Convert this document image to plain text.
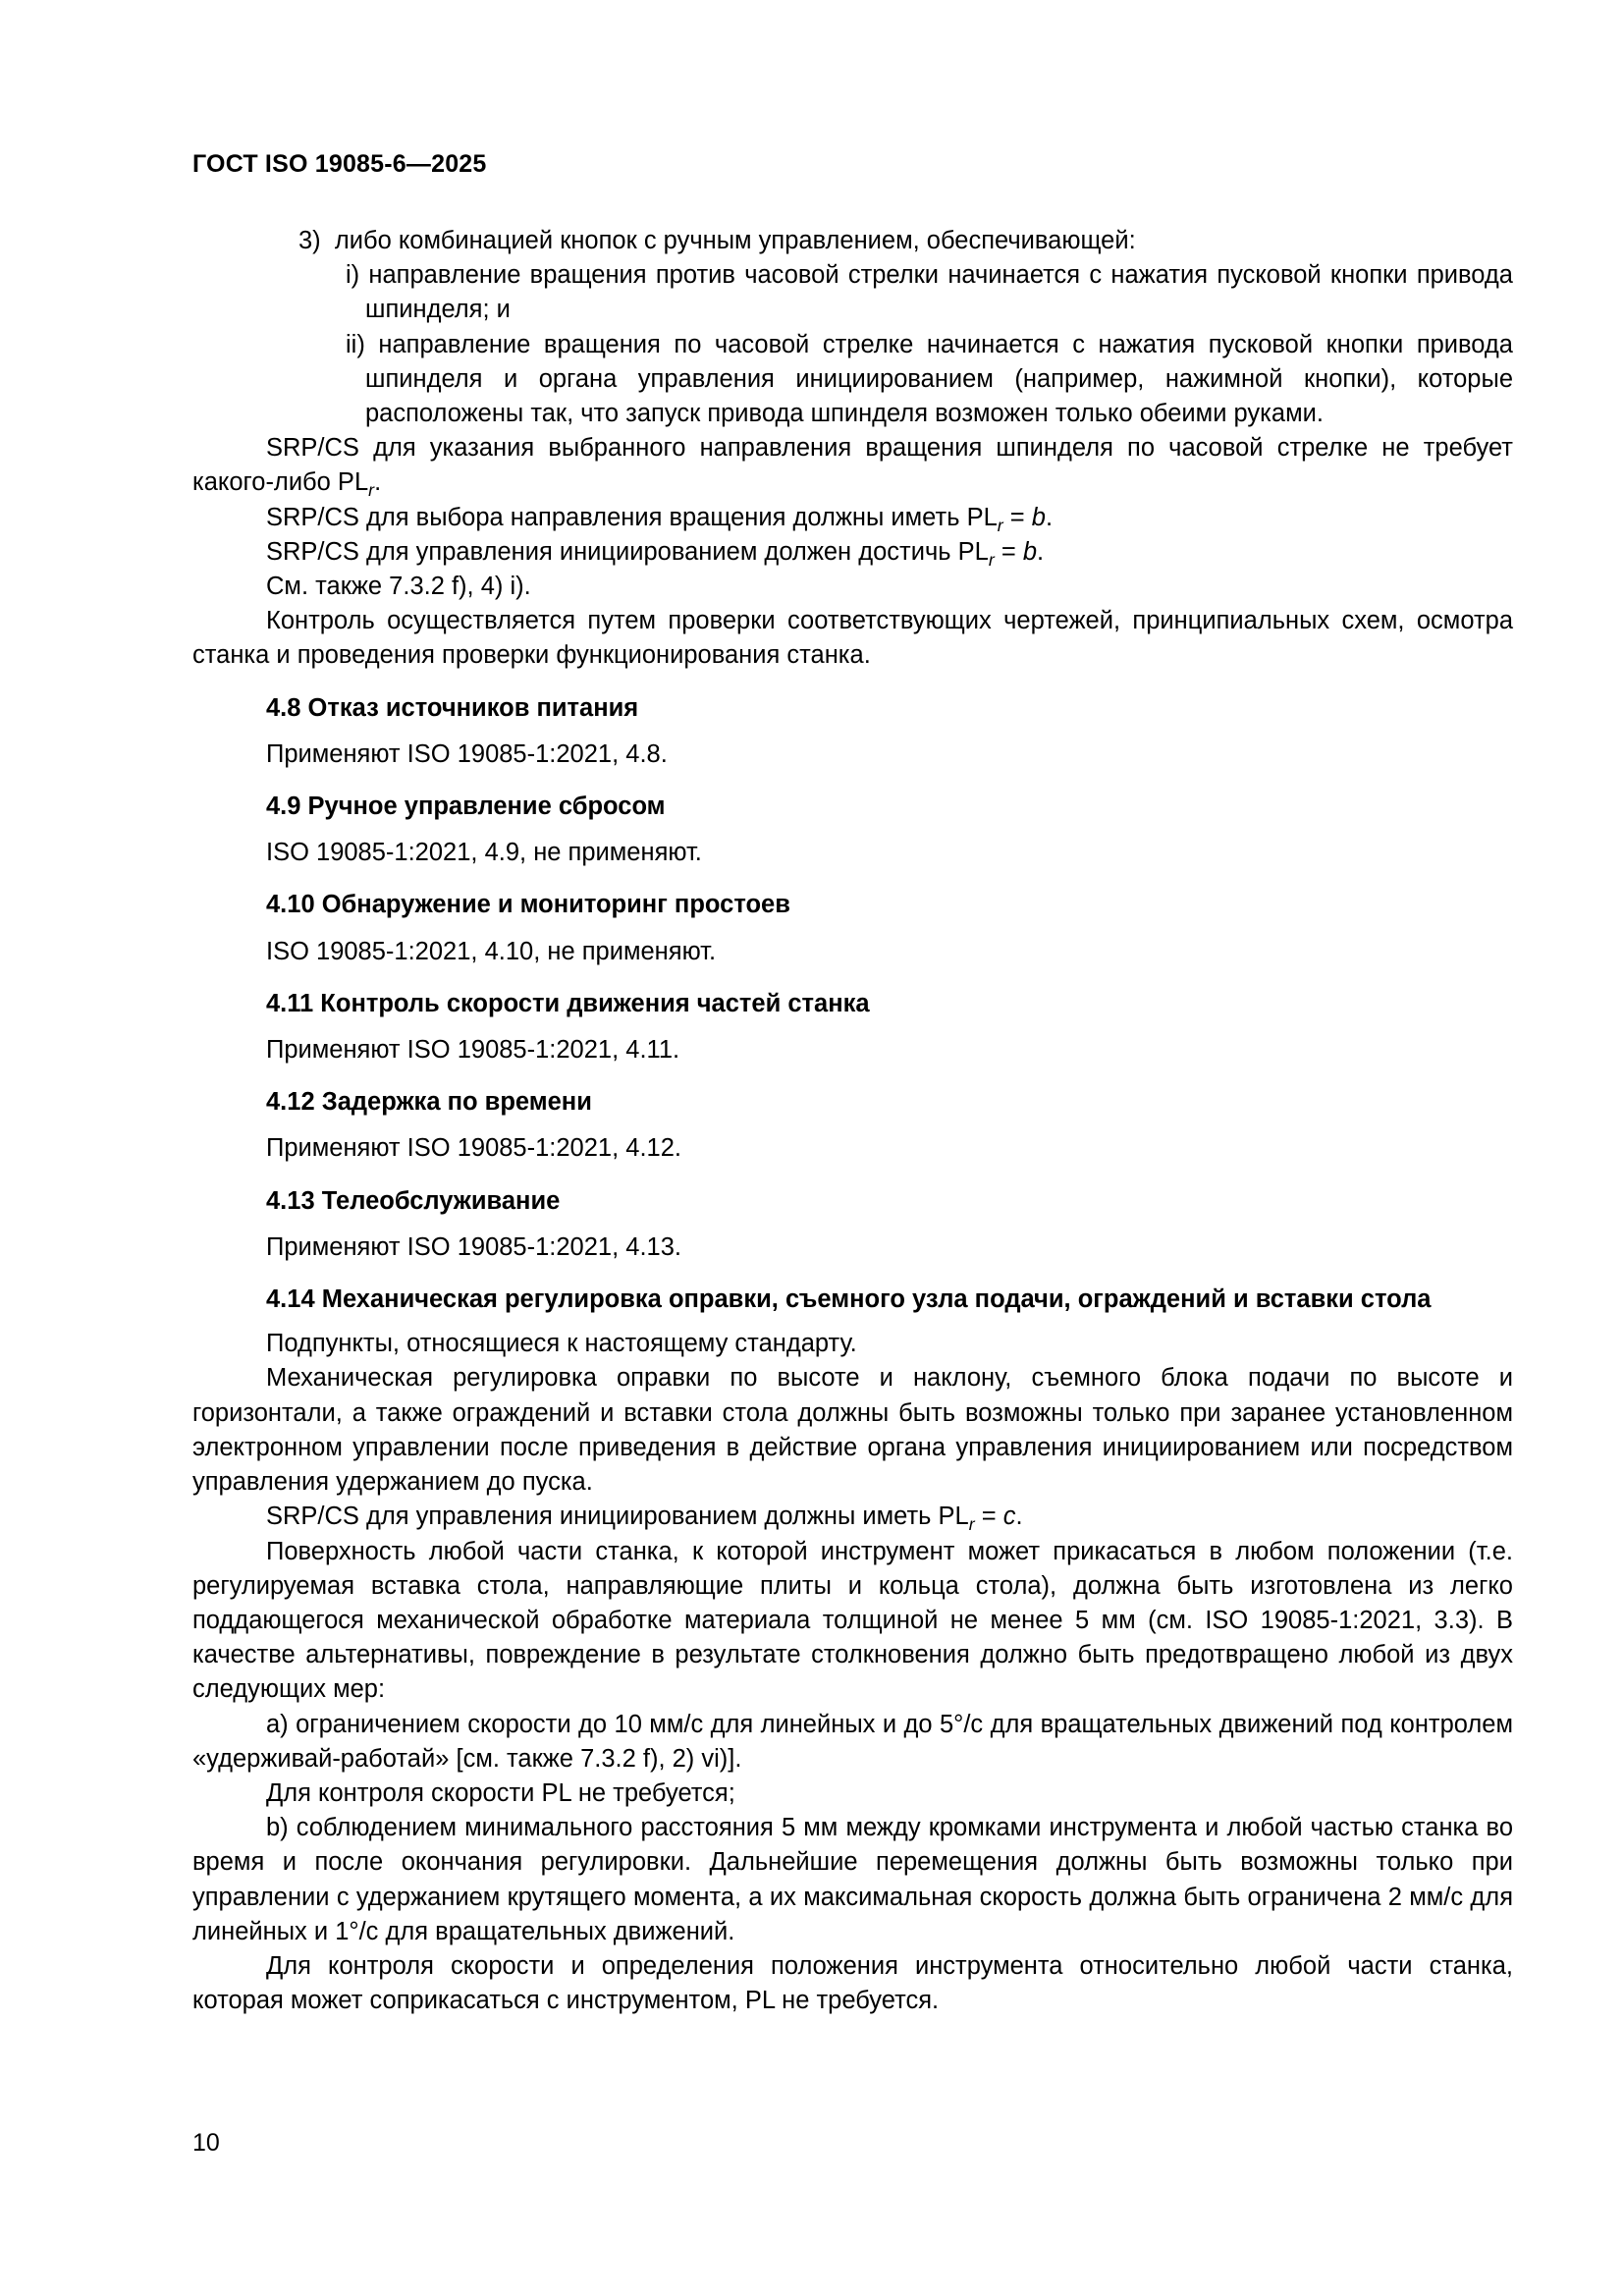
ГОСТ ISO 19085-6—2025

3) либо комбинацией кнопок с ручным управлением, обеспечивающей:

i) направление вращения против часовой стрелки начинается с нажатия пусковой кнопки привода шпинделя; и

ii) направление вращения по часовой стрелке начинается с нажатия пусковой кнопки привода шпинделя и органа управления инициированием (например, нажимной кнопки), которые расположены так, что запуск привода шпинделя возможен только обеими руками.

SRP/CS для указания выбранного направления вращения шпинделя по часовой стрелке не требует какого-либо $PL_r$.

SRP/CS для выбора направления вращения должны иметь $PL_r = b$.

SRP/CS для управления инициированием должен достичь $PL_r = b$.

См. также 7.3.2 f), 4) i).

Контроль осуществляется путем проверки соответствующих чертежей, принципиальных схем, осмотра станка и проведения проверки функционирования станка.

4.8 Отказ источников питания

Применяют ISO 19085-1:2021, 4.8.

4.9 Ручное управление сбросом

ISO 19085-1:2021, 4.9, не применяют.

4.10 Обнаружение и мониторинг простоев

ISO 19085-1:2021, 4.10, не применяют.

4.11 Контроль скорости движения частей станка

Применяют ISO 19085-1:2021, 4.11.

4.12 Задержка по времени

Применяют ISO 19085-1:2021, 4.12.

4.13 Телеобслуживание

Применяют ISO 19085-1:2021, 4.13.

4.14 Механическая регулировка оправки, съемного узла подачи, ограждений и вставки стола

Подпункты, относящиеся к настоящему стандарту.

Механическая регулировка оправки по высоте и наклону, съемного блока подачи по высоте и горизонтали, а также ограждений и вставки стола должны быть возможны только при заранее установленном электронном управлении после приведения в действие органа управления инициированием или посредством управления удержанием до пуска.

SRP/CS для управления инициированием должны иметь $PL_r = c$.

Поверхность любой части станка, к которой инструмент может прикасаться в любом положении (т.е. регулируемая вставка стола, направляющие плиты и кольца стола), должна быть изготовлена из легко поддающегося механической обработке материала толщиной не менее 5 мм (см. ISO 19085-1:2021, 3.3). В качестве альтернативы, повреждение в результате столкновения должно быть предотвращено любой из двух следующих мер:

a) ограничением скорости до 10 мм/с для линейных и до 5°/с для вращательных движений под контролем «удерживай-работай» [см. также 7.3.2 f), 2) vi)].

Для контроля скорости PL не требуется;

b) соблюдением минимального расстояния 5 мм между кромками инструмента и любой частью станка во время и после окончания регулировки. Дальнейшие перемещения должны быть возможны только при управлении с удержанием крутящего момента, а их максимальная скорость должна быть ограничена 2 мм/с для линейных и 1°/с для вращательных движений.

Для контроля скорости и определения положения инструмента относительно любой части станка, которая может соприкасаться с инструментом, PL не требуется.

10
